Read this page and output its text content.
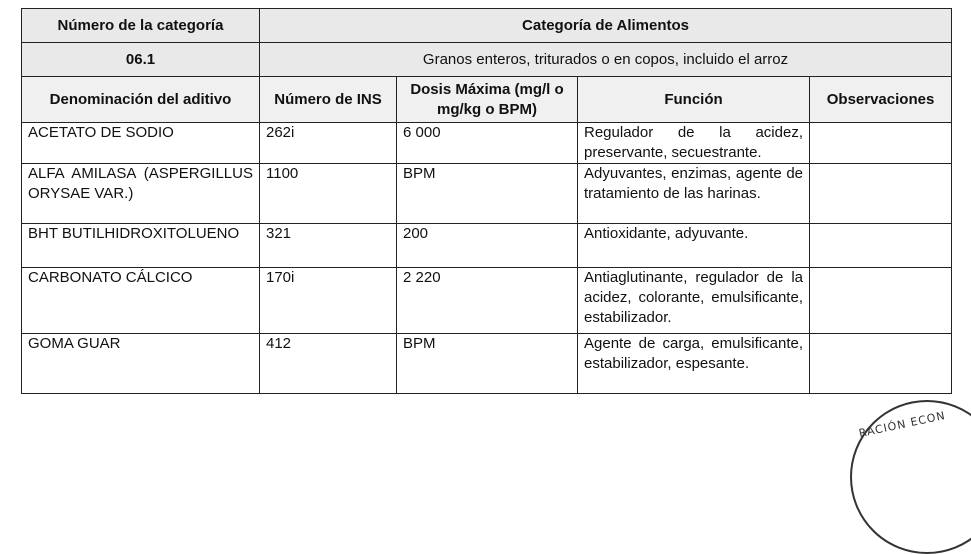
Número de la categoría	Categoría de Alimentos			
06.1	Granos enteros, triturados o en copos, incluido el arroz			
Denominación del aditivo	Número de INS	Dosis Máxima (mg/l o mg/kg o BPM)	Función	Observaciones
ACETATO DE SODIO	262i	6 000	Regulador de la acidez, preservante, secuestrante.	
ALFA AMILASA (ASPERGILLUS ORYSAE VAR.)	1100	BPM	Adyuvantes, enzimas, agente de tratamiento de las harinas.	
BHT BUTILHIDROXITOLUENO	321	200	Antioxidante, adyuvante.	
CARBONATO CÁLCICO	170i	2 220	Antiaglutinante, regulador de la acidez, colorante, emulsificante, estabilizador.	
GOMA GUAR	412	BPM	Agente de carga, emulsificante, estabilizador, espesante.	
RACIÓN ECON
